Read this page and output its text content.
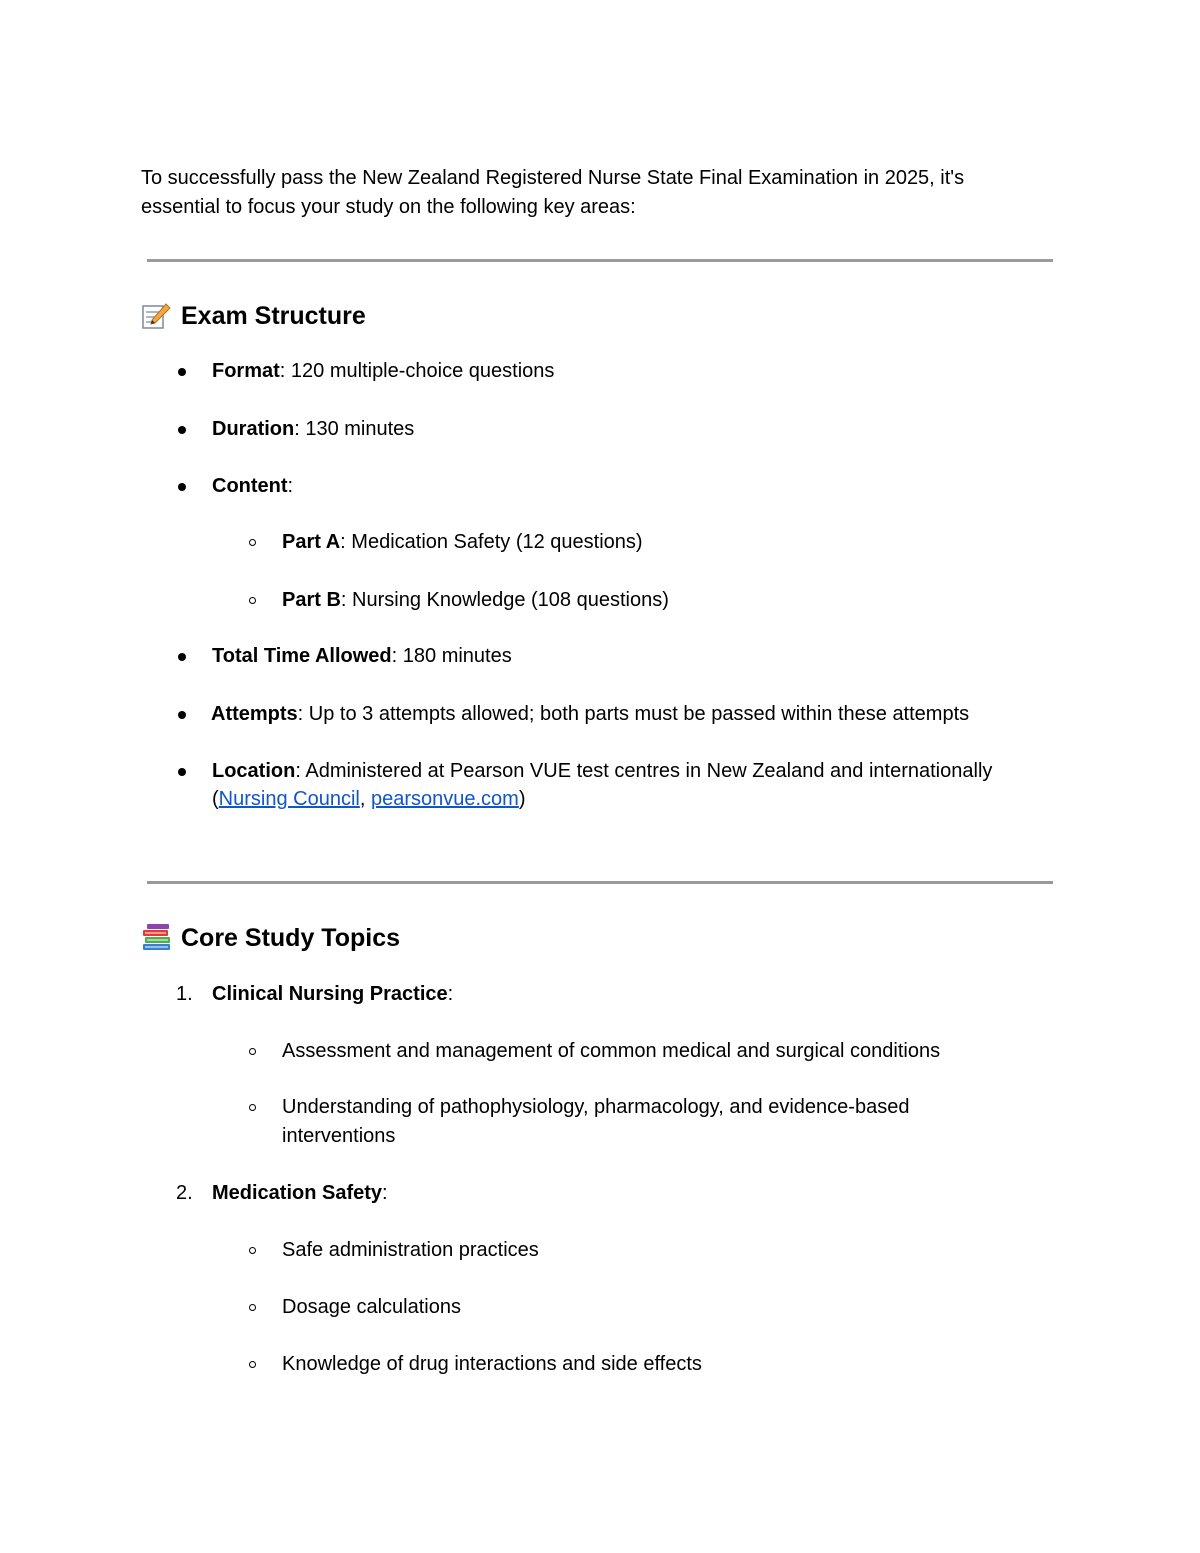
To successfully pass the New Zealand Registered Nurse State Final Examination in 2025, it's
essential to focus your study on the following key areas:
Exam Structure
Format: 120 multiple-choice questions
Duration: 130 minutes
Content:
Part A: Medication Safety (12 questions)
Part B: Nursing Knowledge (108 questions)
Total Time Allowed: 180 minutes
Attempts: Up to 3 attempts allowed; both parts must be passed within these attempts
Location: Administered at Pearson VUE test centres in New Zealand and internationally
(Nursing Council, pearsonvue.com)
Core Study Topics
1. Clinical Nursing Practice:
Assessment and management of common medical and surgical conditions
Understanding of pathophysiology, pharmacology, and evidence-based
interventions
2. Medication Safety:
Safe administration practices
Dosage calculations
Knowledge of drug interactions and side effects
